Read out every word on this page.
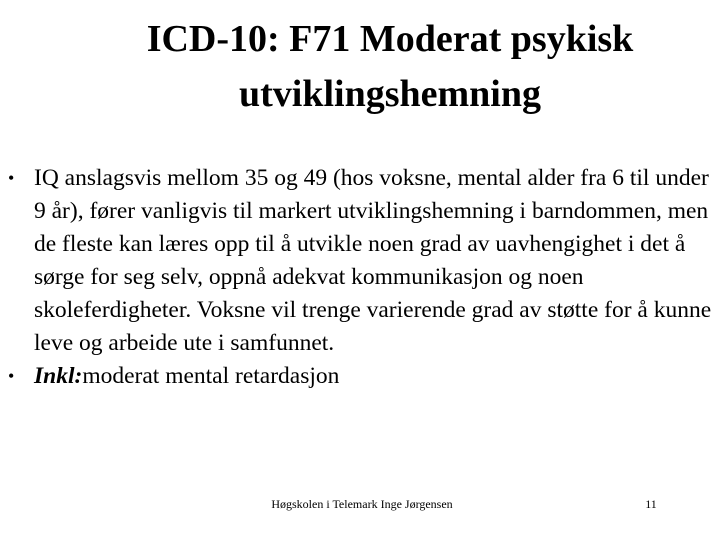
ICD-10: F71 Moderat psykisk
utviklingshemning
• IQ anslagsvis mellom 35 og 49 (hos voksne, mental alder fra 6 til under 9 år), fører vanligvis til markert utviklingshemning i barndommen, men de fleste kan læres opp til å utvikle noen grad av uavhengighet i det å sørge for seg selv, oppnå adekvat kommunikasjon og noen skoleferdigheter. Voksne vil trenge varierende grad av støtte for å kunne leve og arbeide ute i samfunnet.
• Inkl:moderat mental retardasjon
Høgskolen i Telemark Inge Jørgensen	11
